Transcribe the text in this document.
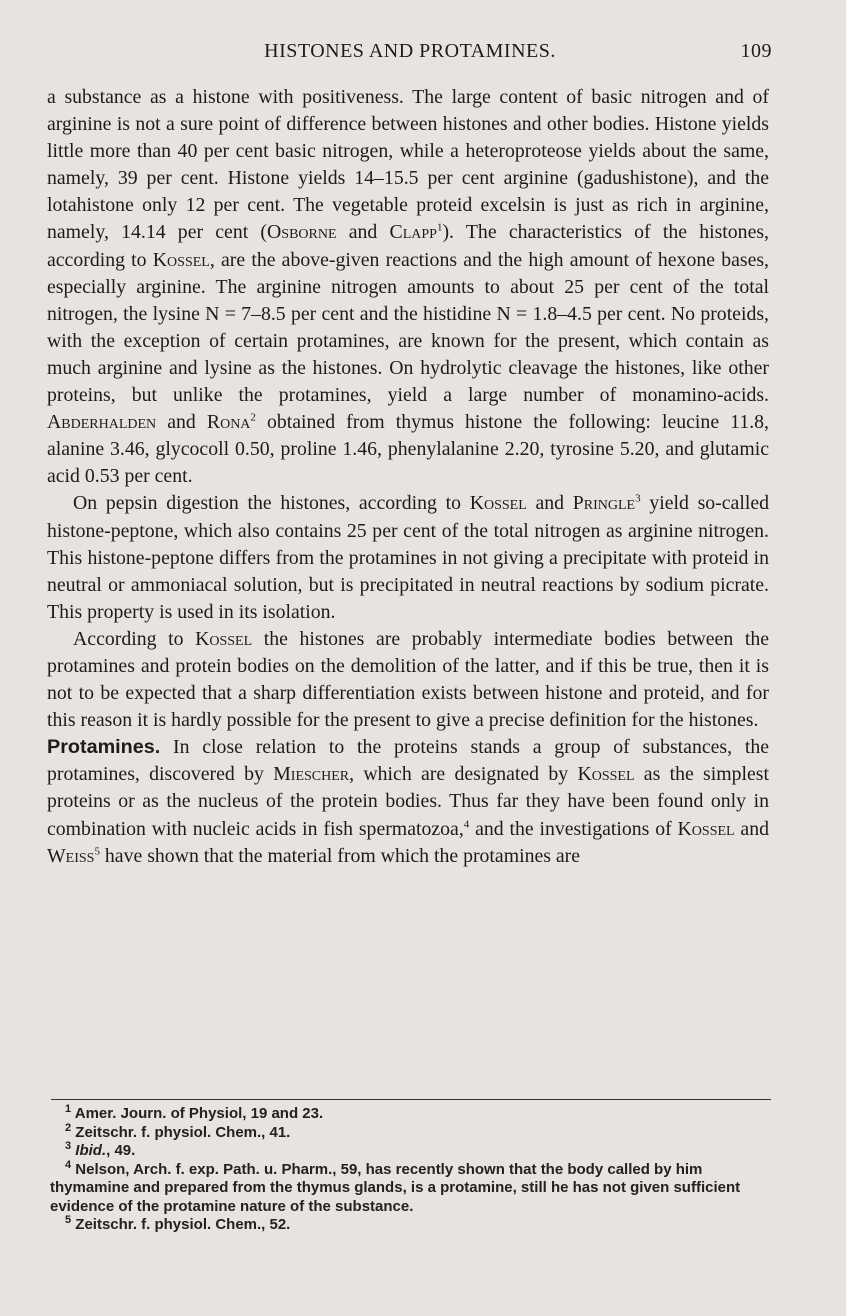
HISTONES AND PROTAMINES.	109

a substance as a histone with positiveness. The large content of basic nitrogen and of arginine is not a sure point of difference between histones and other bodies. Histone yields little more than 40 per cent basic nitrogen, while a heteroproteose yields about the same, namely, 39 per cent. Histone yields 14–15.5 per cent arginine (gadushistone), and the lotahistone only 12 per cent. The vegetable proteid excelsin is just as rich in arginine, namely, 14.14 per cent (Osborne and Clapp$^1$). The characteristics of the histones, according to Kossel, are the above-given reactions and the high amount of hexone bases, especially arginine. The arginine nitrogen amounts to about 25 per cent of the total nitrogen, the lysine N = 7–8.5 per cent and the histidine N = 1.8–4.5 per cent. No proteids, with the exception of certain protamines, are known for the present, which contain as much arginine and lysine as the histones. On hydrolytic cleavage the histones, like other proteins, but unlike the protamines, yield a large number of monamino-acids. Abderhalden and Rona$^2$ obtained from thymus histone the following: leucine 11.8, alanine 3.46, glycocoll 0.50, proline 1.46, phenylalanine 2.20, tyrosine 5.20, and glutamic acid 0.53 per cent.

On pepsin digestion the histones, according to Kossel and Pringle$^3$ yield so-called histone-peptone, which also contains 25 per cent of the total nitrogen as arginine nitrogen. This histone-peptone differs from the protamines in not giving a precipitate with proteid in neutral or ammoniacal solution, but is precipitated in neutral reactions by sodium picrate. This property is used in its isolation.

According to Kossel the histones are probably intermediate bodies between the protamines and protein bodies on the demolition of the latter, and if this be true, then it is not to be expected that a sharp differentiation exists between histone and proteid, and for this reason it is hardly possible for the present to give a precise definition for the histones.

Protamines. In close relation to the proteins stands a group of substances, the protamines, discovered by Miescher, which are designated by Kossel as the simplest proteins or as the nucleus of the protein bodies. Thus far they have been found only in combination with nucleic acids in fish spermatozoa,$^4$ and the investigations of Kossel and Weiss$^5$ have shown that the material from which the protamines are

$^1$ Amer. Journ. of Physiol, 19 and 23.
$^2$ Zeitschr. f. physiol. Chem., 41.
$^3$ Ibid., 49.
$^4$ Nelson, Arch. f. exp. Path. u. Pharm., 59, has recently shown that the body called by him thymamine and prepared from the thymus glands, is a protamine, still he has not given sufficient evidence of the protamine nature of the substance.
$^5$ Zeitschr. f. physiol. Chem., 52.
